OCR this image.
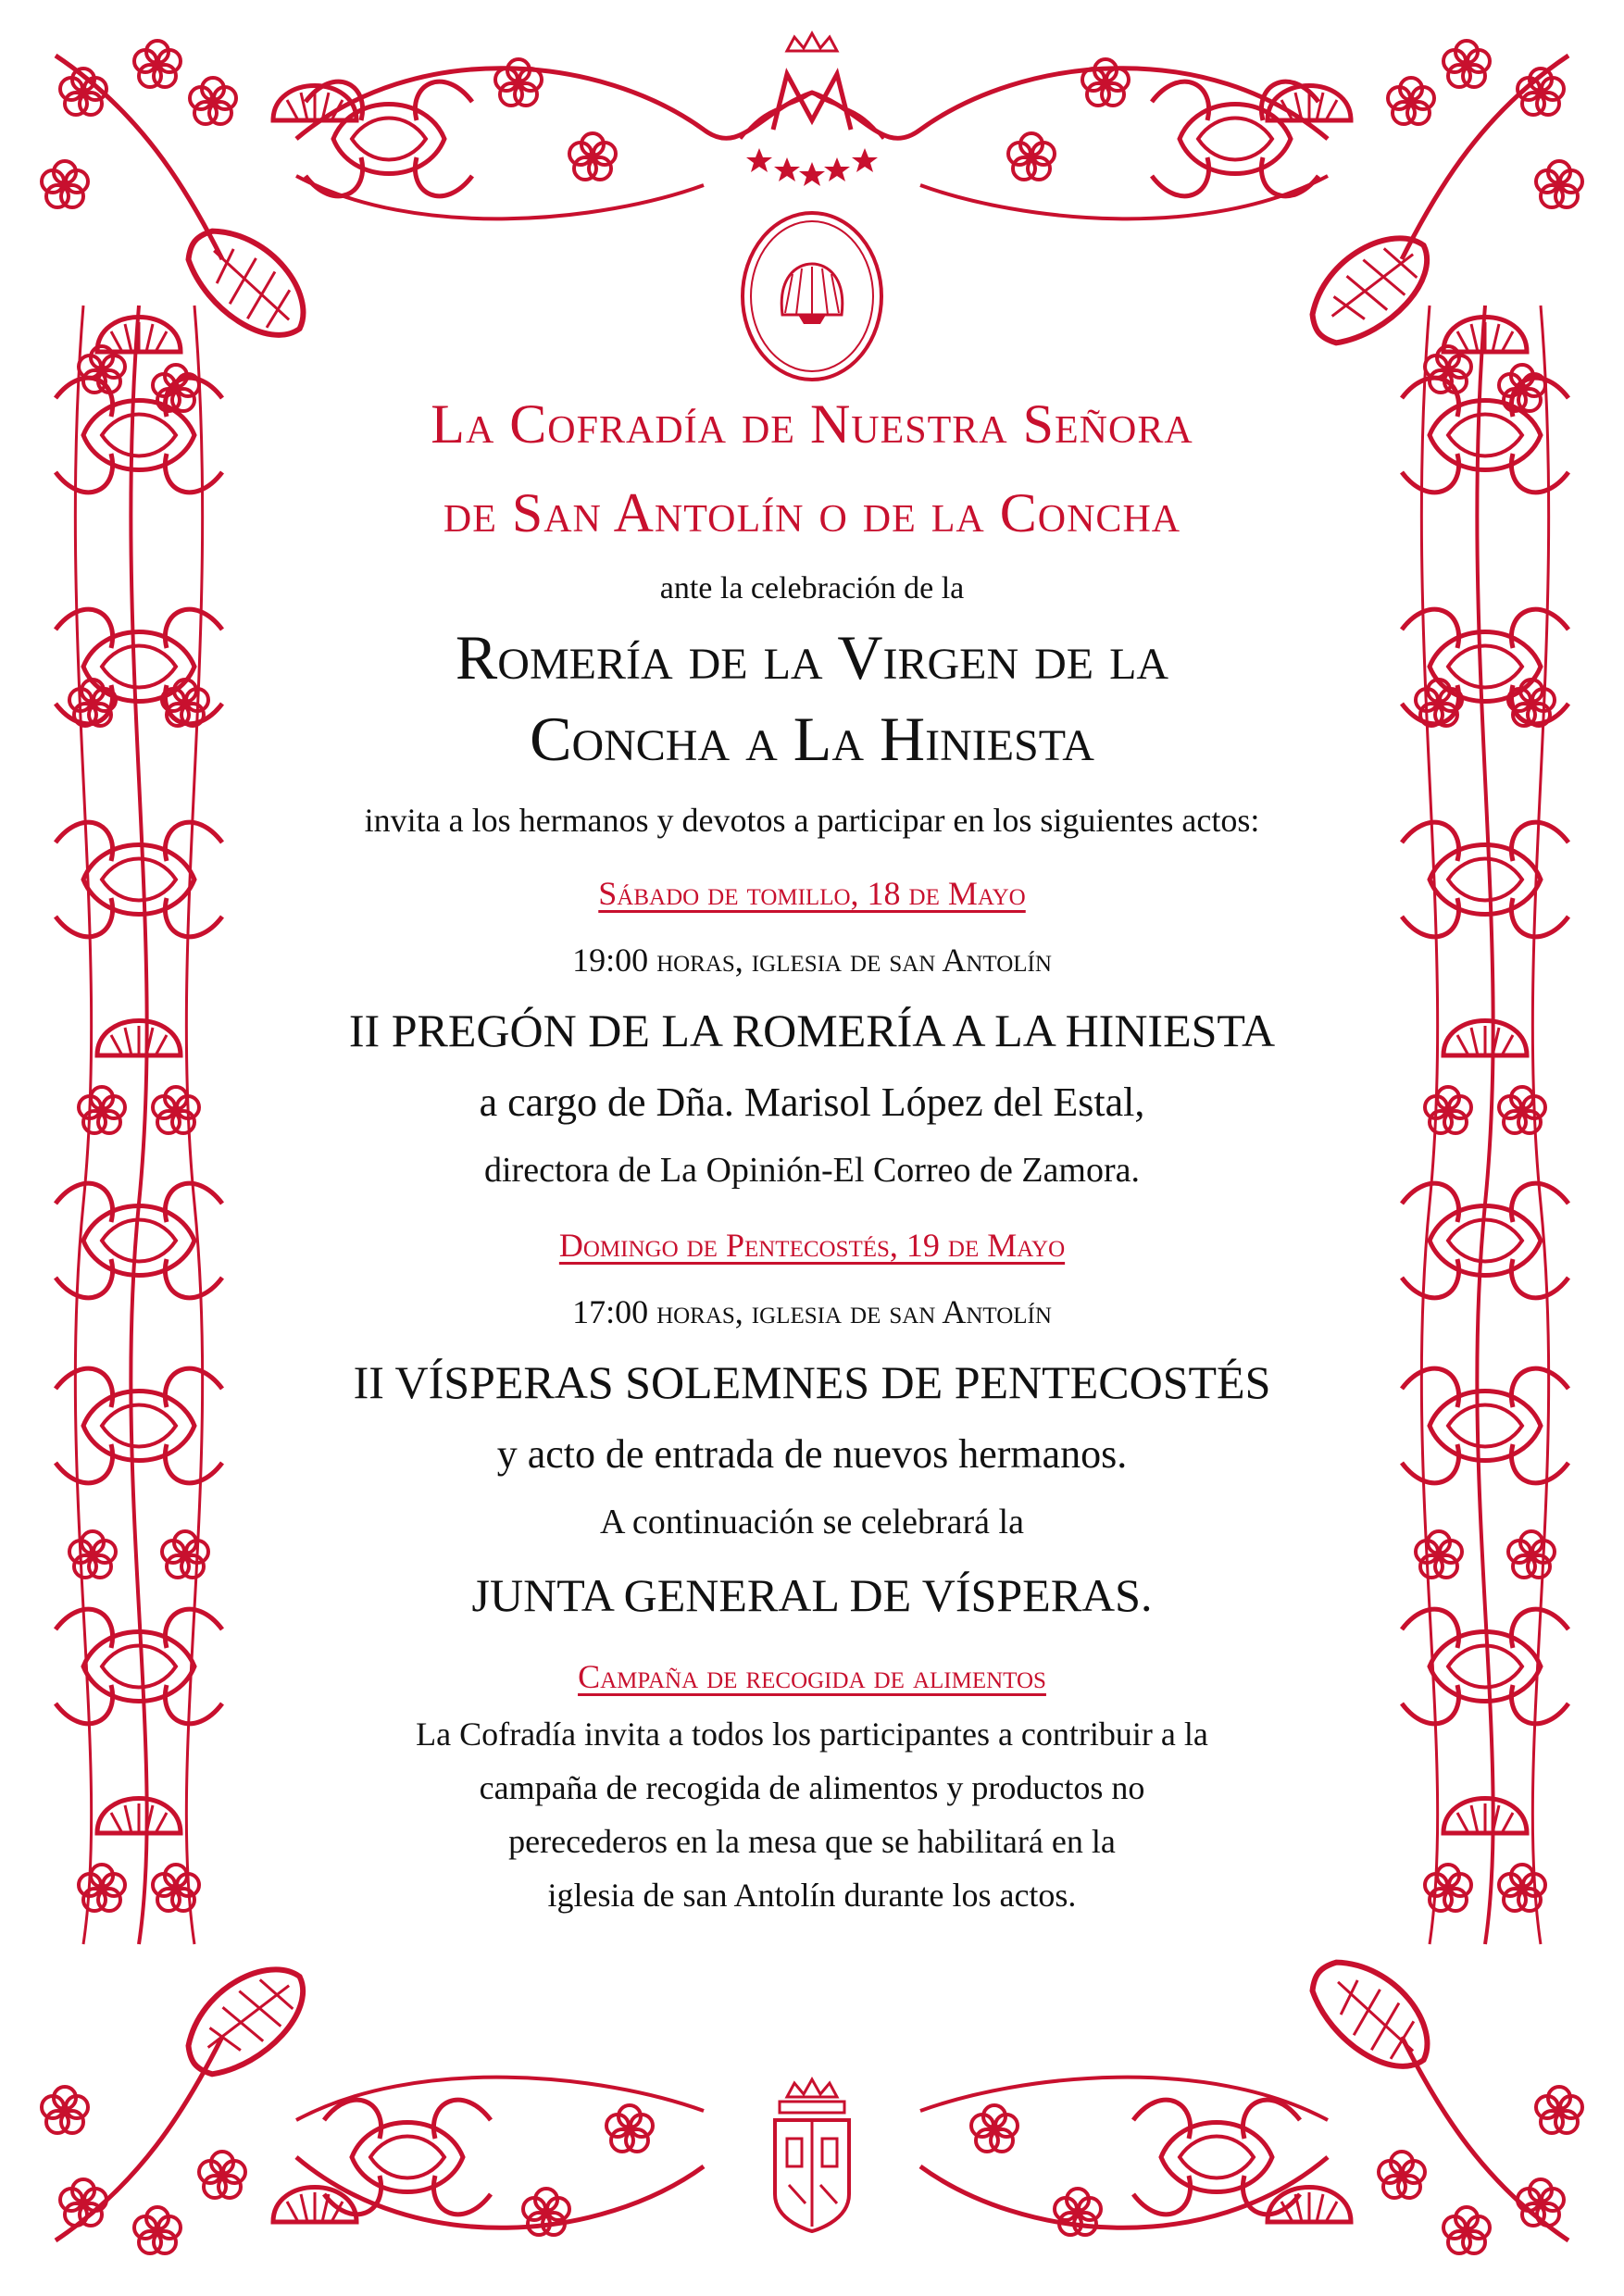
La Cofradía de Nuestra Señora

de San Antolín o de la Concha

ante la celebración de la

Romería de la Virgen de la

Concha a La Hiniesta

invita a los hermanos y devotos a participar en los siguientes actos:

Sábado de tomillo, 18 de Mayo

19:00 horas, iglesia de san Antolín

II PREGÓN DE LA ROMERÍA A LA HINIESTA

a cargo de Dña. Marisol López del Estal,

directora de La Opinión-El Correo de Zamora.

Domingo de Pentecostés, 19 de Mayo

17:00 horas, iglesia de san Antolín

II VÍSPERAS SOLEMNES DE PENTECOSTÉS

y acto de entrada de nuevos hermanos.

A continuación se celebrará la

JUNTA GENERAL DE VÍSPERAS.

Campaña de recogida de alimentos

La Cofradía invita a todos los participantes a contribuir a la

campaña de recogida de alimentos y productos no

perecederos en la mesa que se habilitará en la

iglesia de san Antolín durante los actos.
